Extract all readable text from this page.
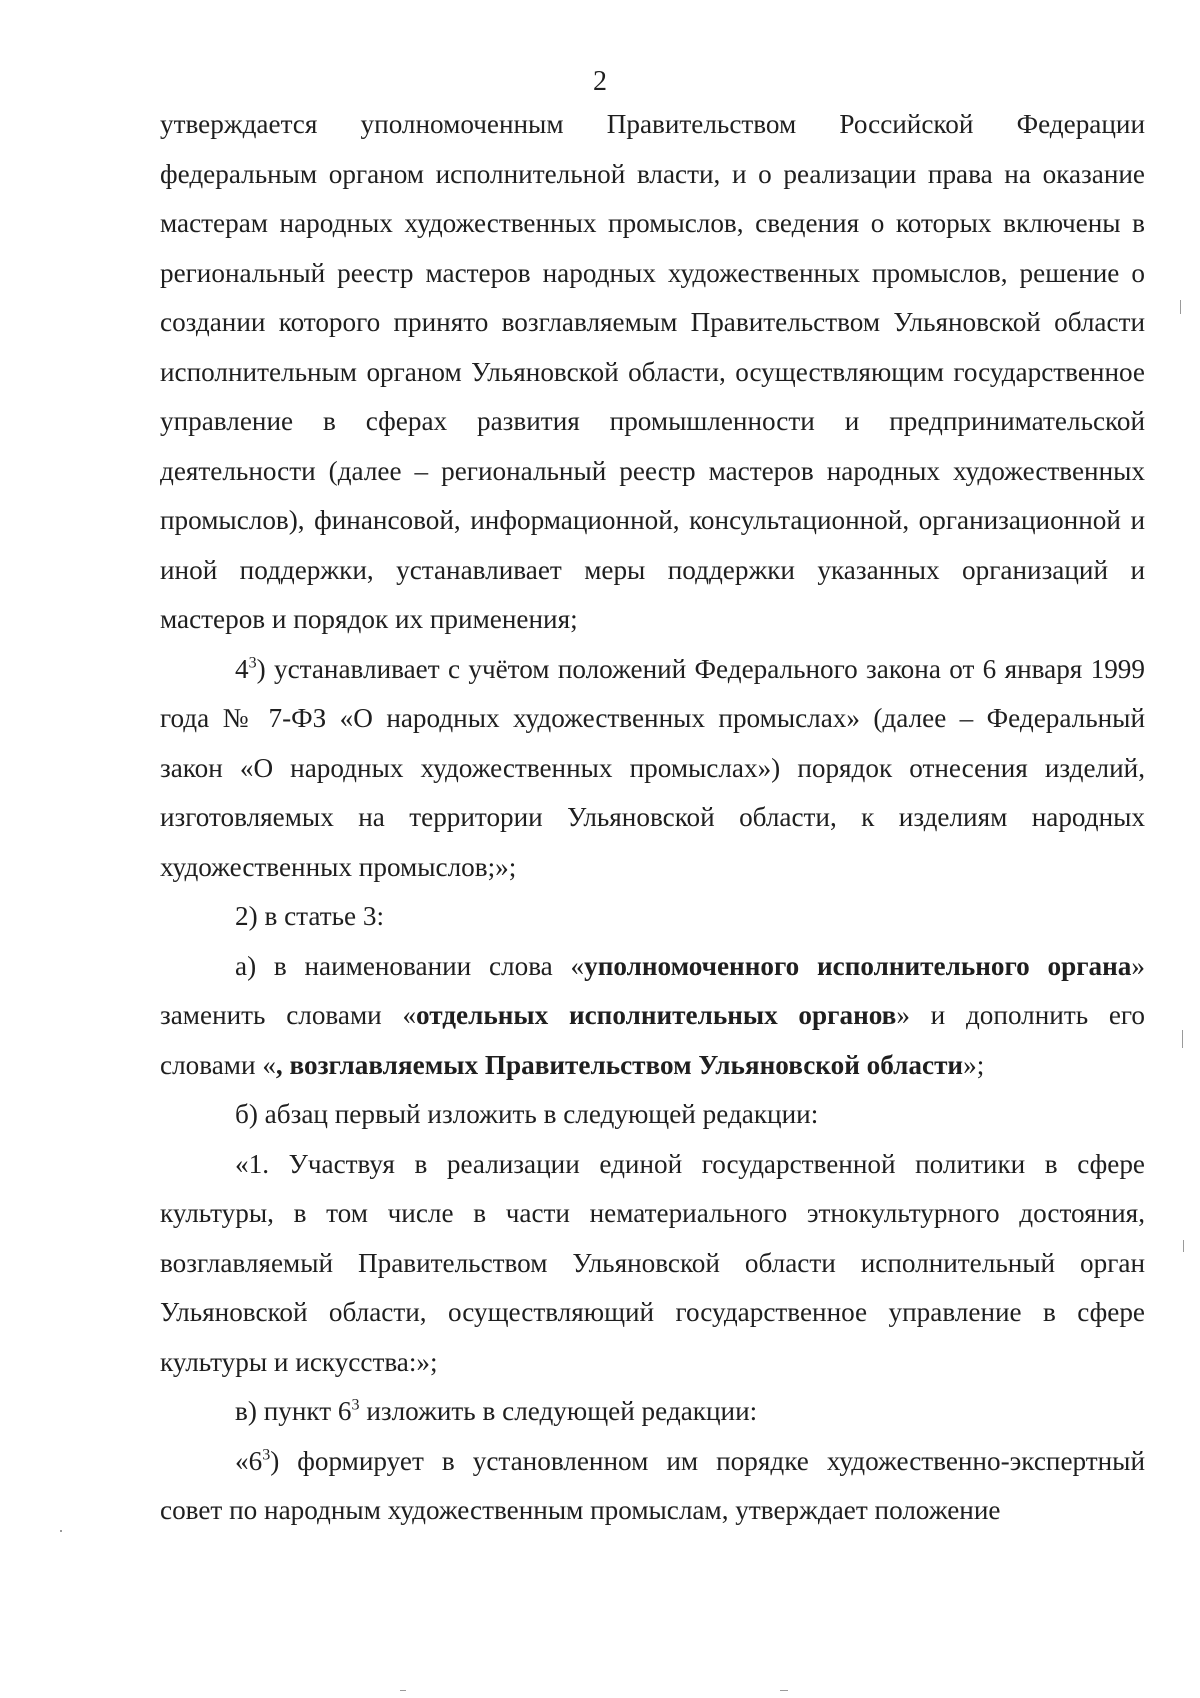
2

утверждается уполномоченным Правительством Российской Федерации федеральным органом исполнительной власти, и о реализации права на оказание мастерам народных художественных промыслов, сведения о которых включены в региональный реестр мастеров народных художественных промыслов, решение о создании которого принято возглавляемым Правительством Ульяновской области исполнительным органом Ульяновской области, осуществляющим государственное управление в сферах развития промышленности и предпринимательской деятельности (далее – региональный реестр мастеров народных художественных промыслов), финансовой, информационной, консультационной, организационной и иной поддержки, устанавливает меры поддержки указанных организаций и мастеров и порядок их применения;

$4^3$) устанавливает с учётом положений Федерального закона от 6 января 1999 года № 7-ФЗ «О народных художественных промыслах» (далее – Федеральный закон «О народных художественных промыслах») порядок отнесения изделий, изготовляемых на территории Ульяновской области, к изделиям народных художественных промыслов;»;

2) в статье 3:

а) в наименовании слова «уполномоченного исполнительного органа» заменить словами «отдельных исполнительных органов» и дополнить его словами «, возглавляемых Правительством Ульяновской области»;

б) абзац первый изложить в следующей редакции:

«1. Участвуя в реализации единой государственной политики в сфере культуры, в том числе в части нематериального этнокультурного достояния, возглавляемый Правительством Ульяновской области исполнительный орган Ульяновской области, осуществляющий государственное управление в сфере культуры и искусства:»;

в) пункт $6^3$ изложить в следующей редакции:

«$6^3$) формирует в установленном им порядке художественно-экспертный совет по народным художественным промыслам, утверждает положение
